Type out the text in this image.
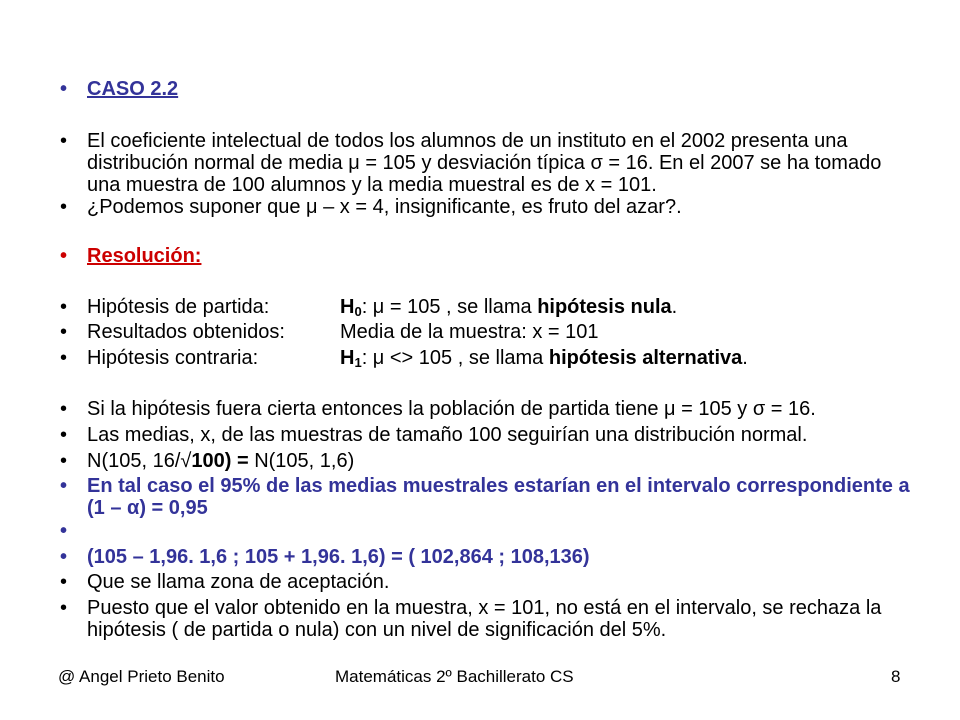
• CASO 2.2
• El coeficiente intelectual de todos los alumnos de un instituto en el 2002 presenta una distribución normal de media μ = 105 y desviación típica σ = 16. En el 2007 se ha tomado una muestra de 100 alumnos y la media muestral es de x = 101.
• ¿Podemos suponer que μ – x = 4, insignificante, es fruto del azar?.
• Resolución:
• Hipótesis de partida:	$H_0$: μ = 105 , se llama hipótesis nula.
• Resultados obtenidos:	Media de la muestra: x = 101
• Hipótesis contraria:	$H_1$: μ <> 105 , se llama hipótesis alternativa.
• Si la hipótesis fuera cierta entonces la población de partida tiene μ = 105 y σ = 16.
• Las medias, x, de las muestras de tamaño 100 seguirían una distribución normal.
• N(105, 16/√100) = N(105, 1,6)
• En tal caso el 95% de las medias muestrales estarían en el intervalo correspondiente a (1 – α) = 0,95
•
• (105 – 1,96. 1,6 ; 105 + 1,96. 1,6) = ( 102,864 ; 108,136)
• Que se llama zona de aceptación.
• Puesto que el valor obtenido en la muestra, x = 101, no está en el intervalo, se rechaza la hipótesis ( de partida o nula) con un nivel de significación del 5%.
@ Angel Prieto Benito	Matemáticas 2º Bachillerato CS	8
